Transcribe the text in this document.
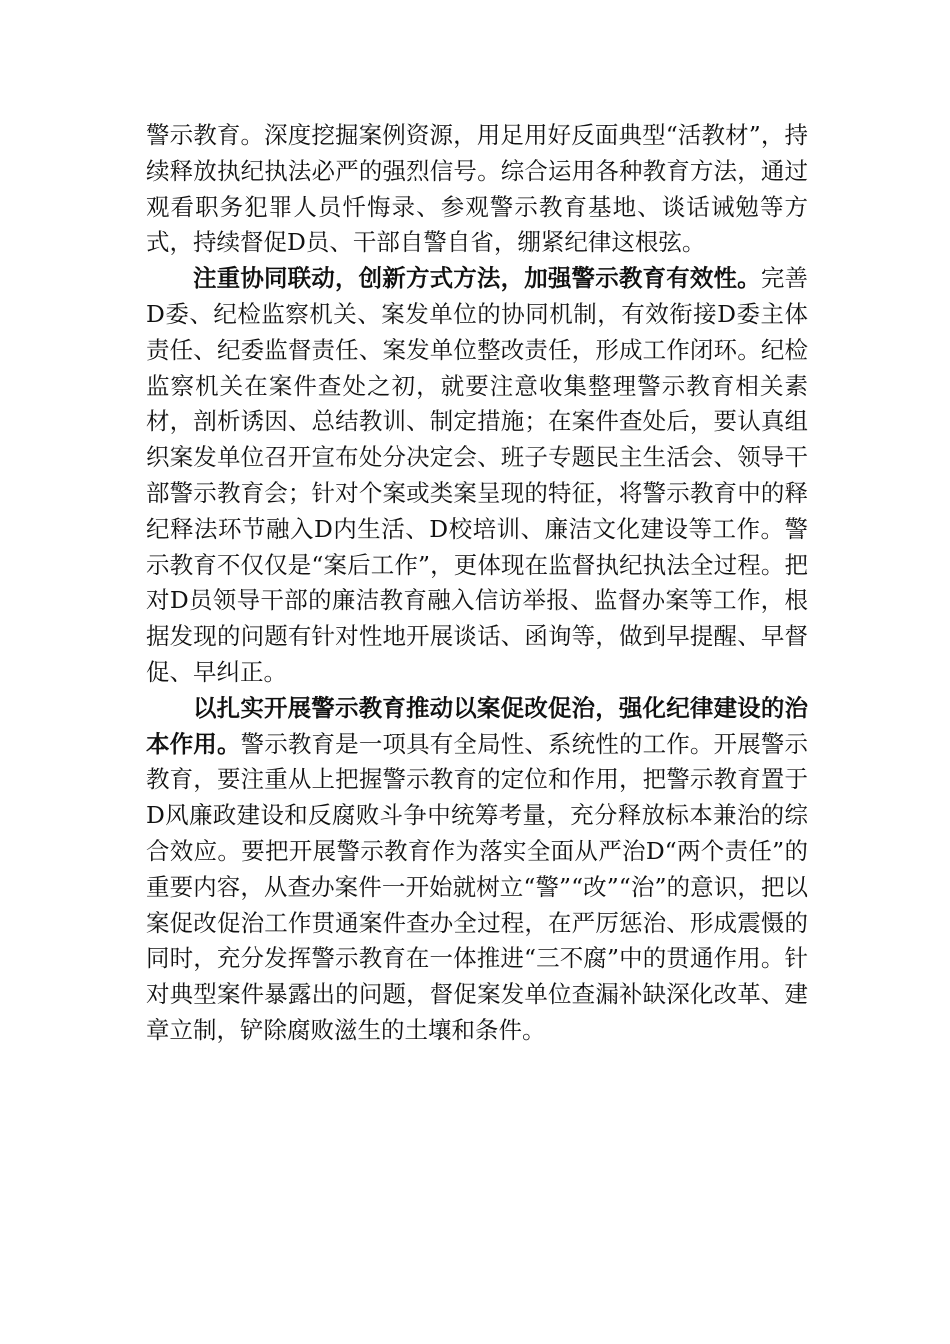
警示教育。深度挖掘案例资源，用足用好反面典型“活教材”，持续释放执纪执法必严的强烈信号。综合运用各种教育方法，通过观看职务犯罪人员忏悔录、参观警示教育基地、谈话诫勉等方式，持续督促D员、干部自警自省，绷紧纪律这根弦。

注重协同联动，创新方式方法，加强警示教育有效性。完善D委、纪检监察机关、案发单位的协同机制，有效衔接D委主体责任、纪委监督责任、案发单位整改责任，形成工作闭环。纪检监察机关在案件查处之初，就要注意收集整理警示教育相关素材，剖析诱因、总结教训、制定措施；在案件查处后，要认真组织案发单位召开宣布处分决定会、班子专题民主生活会、领导干部警示教育会；针对个案或类案呈现的特征，将警示教育中的释纪释法环节融入D内生活、D校培训、廉洁文化建设等工作。警示教育不仅仅是“案后工作”，更体现在监督执纪执法全过程。把对D员领导干部的廉洁教育融入信访举报、监督办案等工作，根据发现的问题有针对性地开展谈话、函询等，做到早提醒、早督促、早纠正。

以扎实开展警示教育推动以案促改促治，强化纪律建设的治本作用。警示教育是一项具有全局性、系统性的工作。开展警示教育，要注重从上把握警示教育的定位和作用，把警示教育置于D风廉政建设和反腐败斗争中统筹考量，充分释放标本兼治的综合效应。要把开展警示教育作为落实全面从严治D“两个责任”的重要内容，从查办案件一开始就树立“警”“改”“治”的意识，把以案促改促治工作贯通案件查办全过程，在严厉惩治、形成震慑的同时，充分发挥警示教育在一体推进“三不腐”中的贯通作用。针对典型案件暴露出的问题，督促案发单位查漏补缺深化改革、建章立制，铲除腐败滋生的土壤和条件。
